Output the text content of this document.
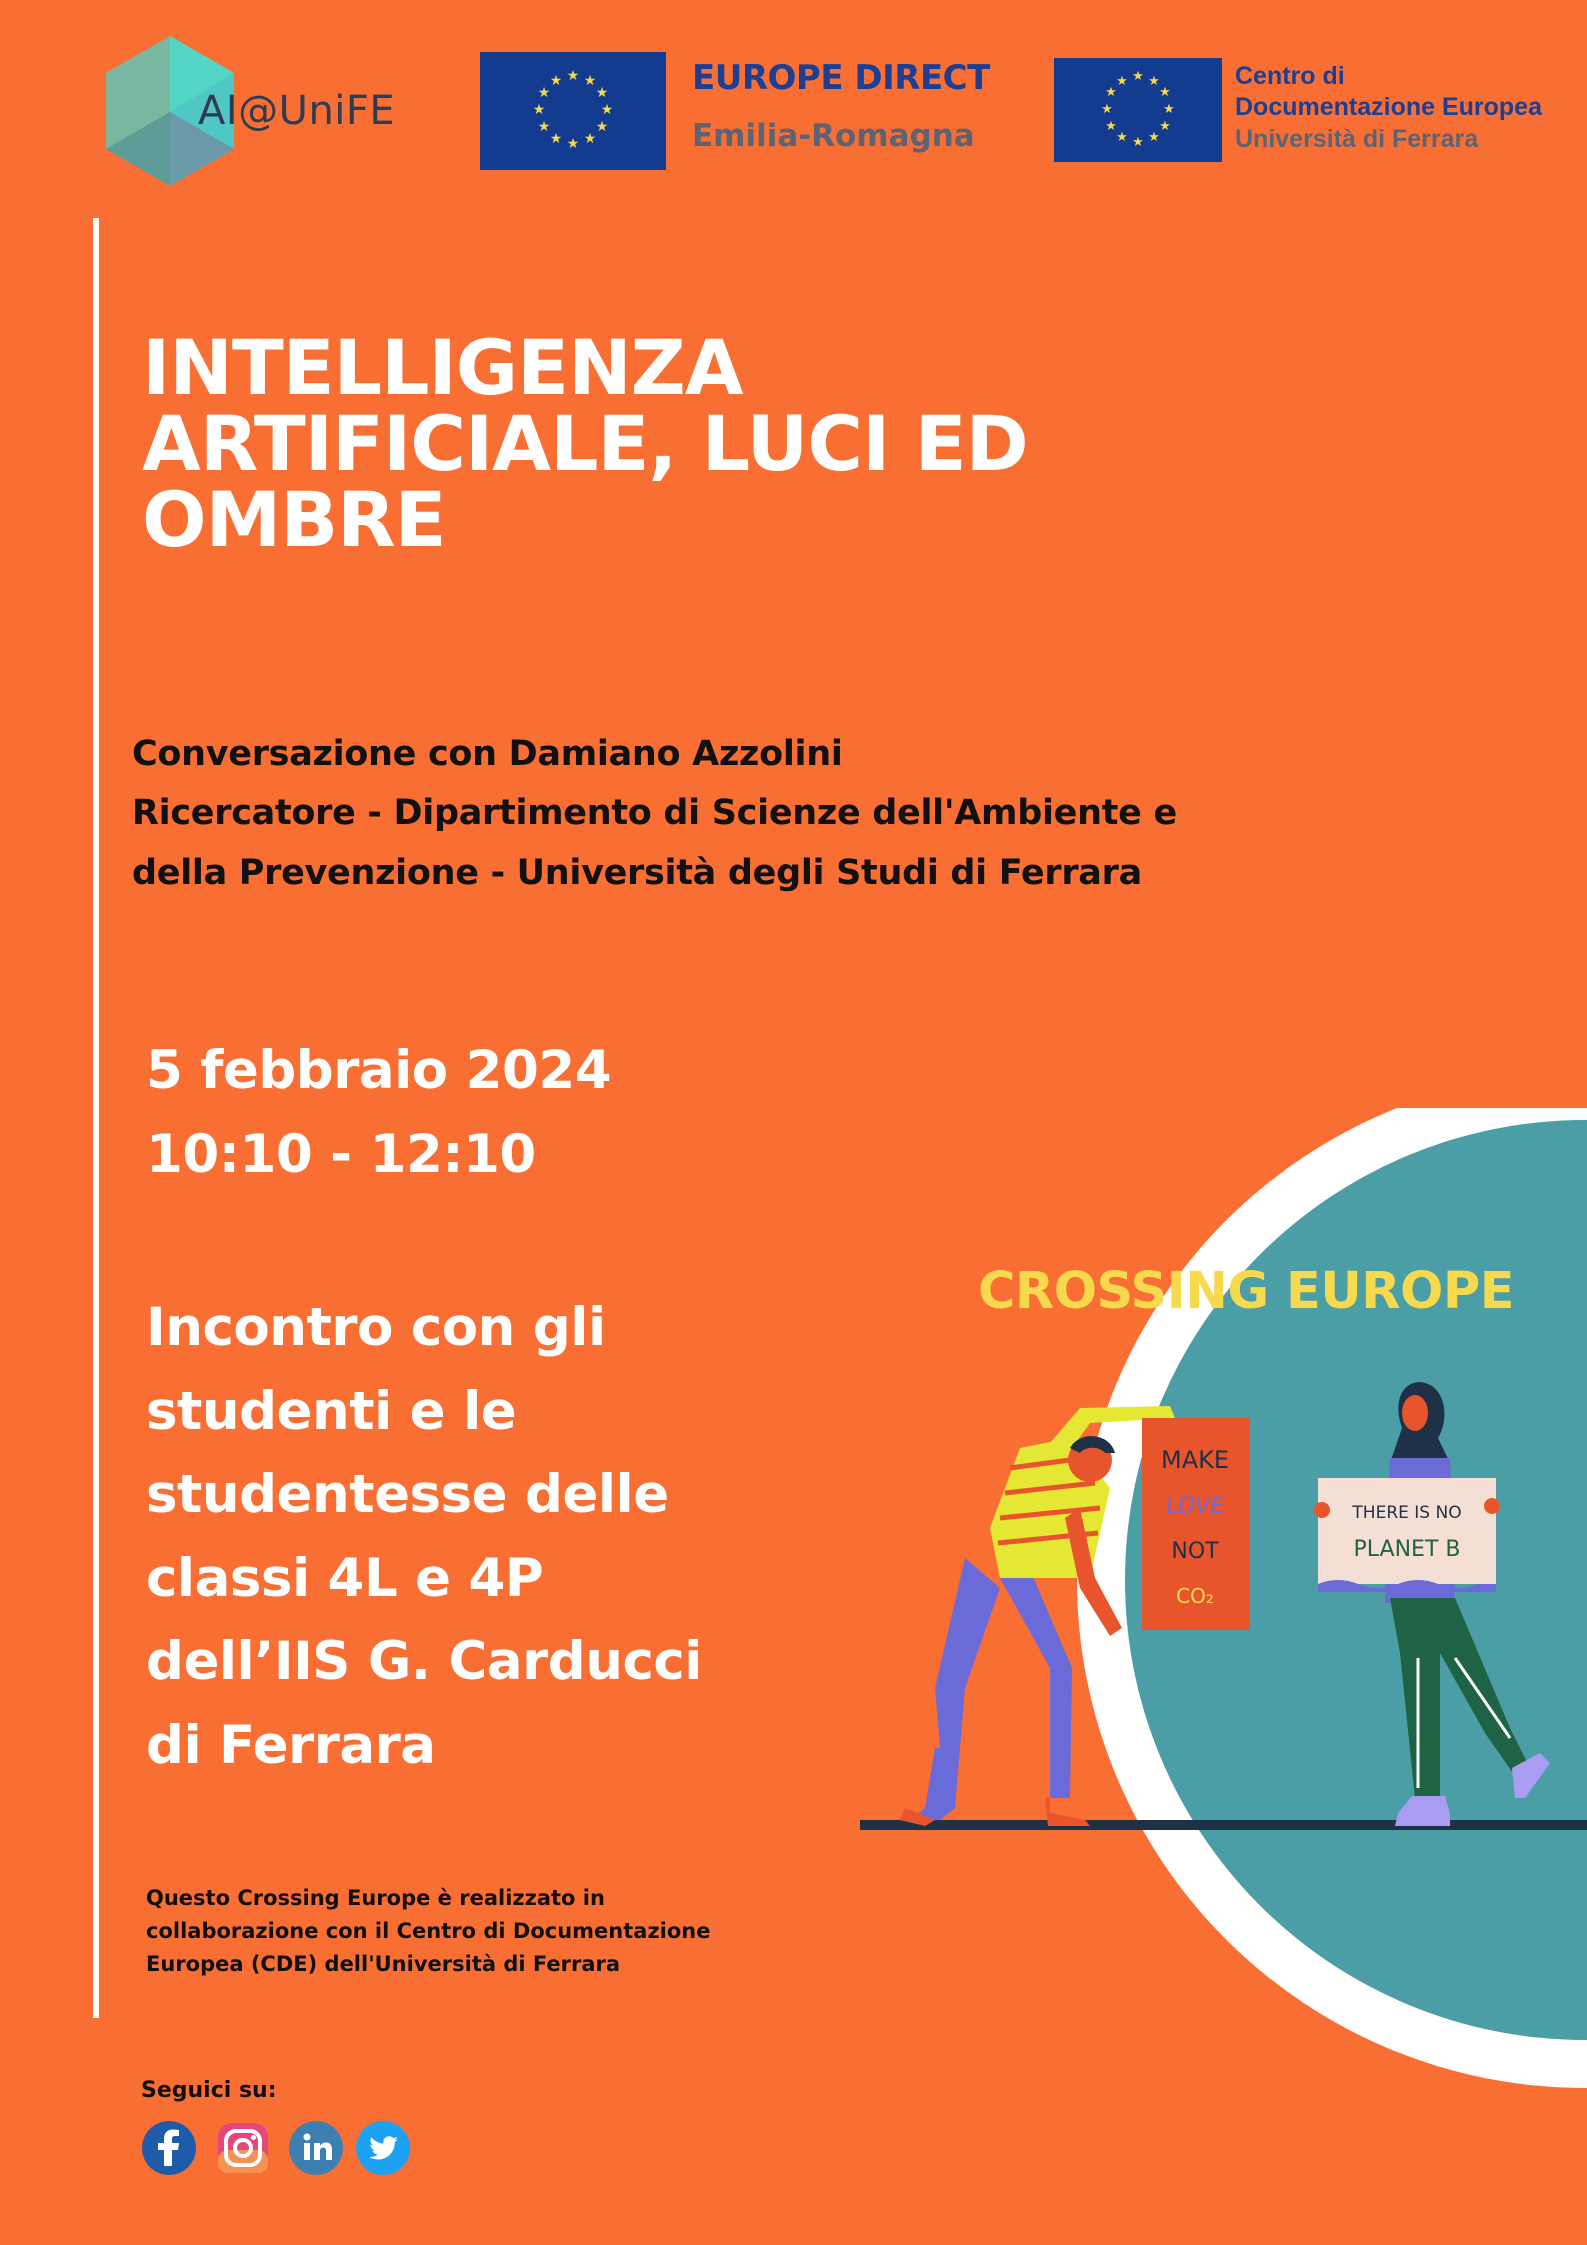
AI@UniFE
★ ★
★
★
★
★
★
★
★
★
★
★	EUROPE DIRECT
Emilia-Romagna
★ ★
★
★
★
★
★
★
★
★
★
★	Centro di
Documentazione Europea
Università di Ferrara
INTELLIGENZA
ARTIFICIALE, LUCI ED
OMBRE
Conversazione con Damiano Azzolini
Ricercatore - Dipartimento di Scienze dell'Ambiente e
della Prevenzione - Università degli Studi di Ferrara
5 febbraio 2024
10:10 - 12:10
Incontro con gli
studenti e le
studentesse delle
classi 4L e 4P
dell’IIS G. Carducci
di Ferrara
Questo Crossing Europe è realizzato in
collaborazione con il Centro di Documentazione
Europea (CDE) dell'Università di Ferrara
Seguici su:
MAKE
LOVE
NOT
CO₂
THERE IS NO
PLANET B
CROSSING EUROPE
